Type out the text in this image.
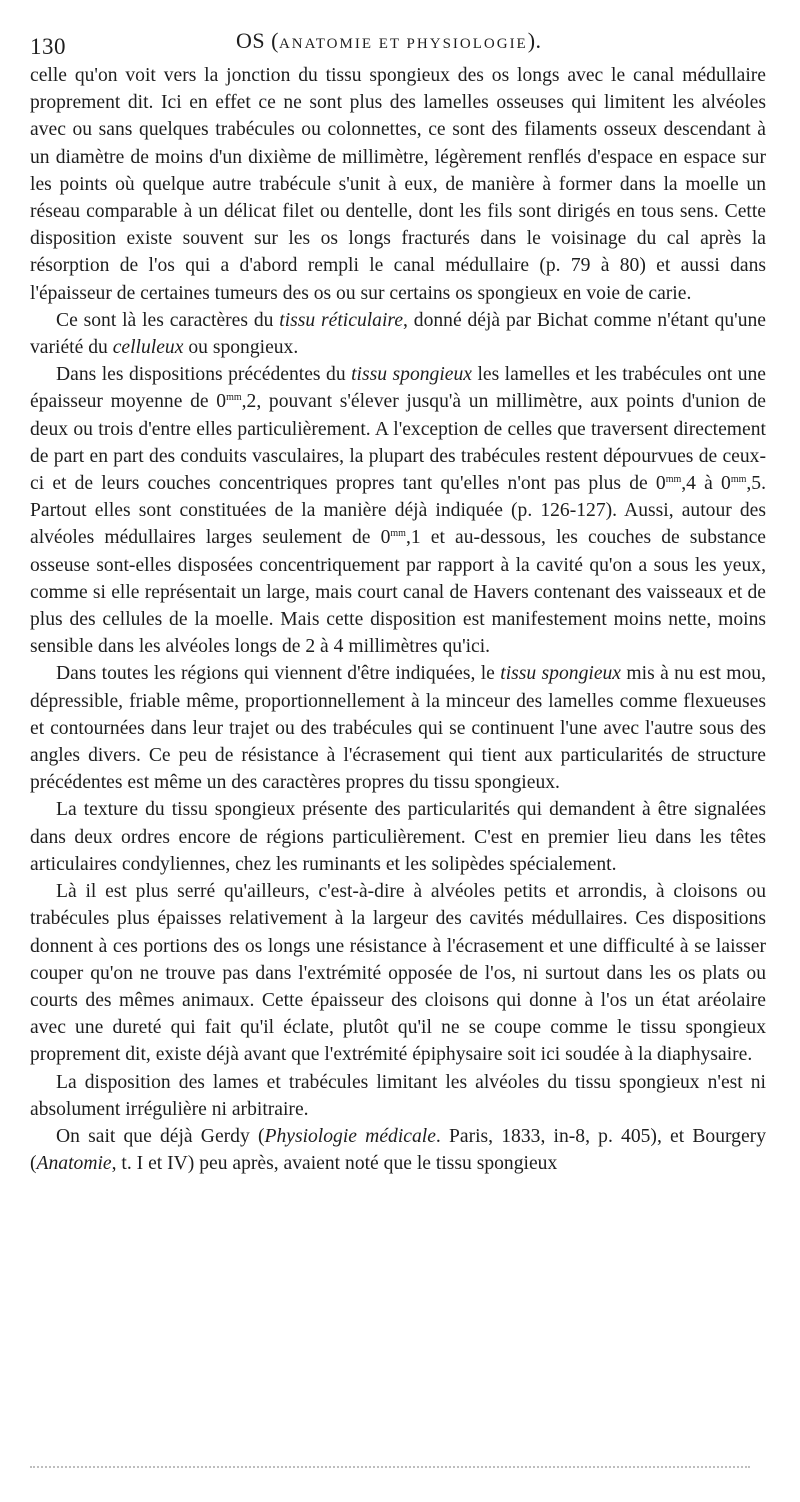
130	OS (ANATOMIE ET PHYSIOLOGIE).

celle qu'on voit vers la jonction du tissu spongieux des os longs avec le canal médullaire proprement dit. Ici en effet ce ne sont plus des lamelles osseuses qui limitent les alvéoles avec ou sans quelques trabécules ou colonnettes, ce sont des filaments osseux descendant à un diamètre de moins d'un dixième de millimètre, légèrement renflés d'espace en espace sur les points où quelque autre trabécule s'unit à eux, de manière à former dans la moelle un réseau comparable à un délicat filet ou dentelle, dont les fils sont dirigés en tous sens. Cette disposition existe souvent sur les os longs fracturés dans le voisinage du cal après la résorption de l'os qui a d'abord rempli le canal médullaire (p. 79 à 80) et aussi dans l'épaisseur de certaines tumeurs des os ou sur certains os spongieux en voie de carie.

Ce sont là les caractères du tissu réticulaire, donné déjà par Bichat comme n'étant qu'une variété du celluleux ou spongieux.

Dans les dispositions précédentes du tissu spongieux les lamelles et les trabécules ont une épaisseur moyenne de $0^{mm},2$, pouvant s'élever jusqu'à un millimètre, aux points d'union de deux ou trois d'entre elles particulièrement. A l'exception de celles que traversent directement de part en part des conduits vasculaires, la plupart des trabécules restent dépourvues de ceux-ci et de leurs couches concentriques propres tant qu'elles n'ont pas plus de $0^{mm},4$ à $0^{mm},5$. Partout elles sont constituées de la manière déjà indiquée (p. 126-127). Aussi, autour des alvéoles médullaires larges seulement de $0^{mm},1$ et au-dessous, les couches de substance osseuse sont-elles disposées concentriquement par rapport à la cavité qu'on a sous les yeux, comme si elle représentait un large, mais court canal de Havers contenant des vaisseaux et de plus des cellules de la moelle. Mais cette disposition est manifestement moins nette, moins sensible dans les alvéoles longs de 2 à 4 millimètres qu'ici.

Dans toutes les régions qui viennent d'être indiquées, le tissu spongieux mis à nu est mou, dépressible, friable même, proportionnellement à la minceur des lamelles comme flexueuses et contournées dans leur trajet ou des trabécules qui se continuent l'une avec l'autre sous des angles divers. Ce peu de résistance à l'écrasement qui tient aux particularités de structure précédentes est même un des caractères propres du tissu spongieux.

La texture du tissu spongieux présente des particularités qui demandent à être signalées dans deux ordres encore de régions particulièrement. C'est en premier lieu dans les têtes articulaires condyliennes, chez les ruminants et les solipèdes spécialement.

Là il est plus serré qu'ailleurs, c'est-à-dire à alvéoles petits et arrondis, à cloisons ou trabécules plus épaisses relativement à la largeur des cavités médullaires. Ces dispositions donnent à ces portions des os longs une résistance à l'écrasement et une difficulté à se laisser couper qu'on ne trouve pas dans l'extrémité opposée de l'os, ni surtout dans les os plats ou courts des mêmes animaux. Cette épaisseur des cloisons qui donne à l'os un état aréolaire avec une dureté qui fait qu'il éclate, plutôt qu'il ne se coupe comme le tissu spongieux proprement dit, existe déjà avant que l'extrémité épiphysaire soit ici soudée à la diaphysaire.

La disposition des lames et trabécules limitant les alvéoles du tissu spongieux n'est ni absolument irrégulière ni arbitraire.

On sait que déjà Gerdy (Physiologie médicale. Paris, 1833, in-8, p. 405), et Bourgery (Anatomie, t. I et IV) peu après, avaient noté que le tissu spongieux
